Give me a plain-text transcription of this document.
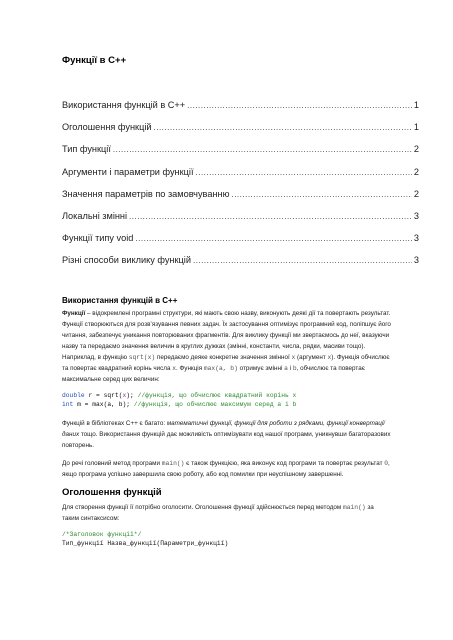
Функції в С++
Використання функцій в С++ .....	1
Оголошення функцій .....	1
Тип функції .....	2
Аргументи і параметри функції .....	2
Значення параметрів по замовчуванню .....	2
Локальні змінні .....	3
Функції типу void .....	3
Різні способи виклику функцій .....	3
Використання функцій в С++

Функції – відокремлені програмні структури, які мають свою назву, виконують деякі дії та повертають результат. Функції створюються для розв’язування певних задач. Їх застосування оптимізує програмний код, поліпшує його читання, забезпечує уникання повторюваних фрагментів. Для виклику функції ми звертаємось до неї, вказуючи назву та передаємо значення величин в круглих дужках (змінні, константи, числа, рядки, масиви тощо). Наприклад, в функцію sqrt(x) передаємо деяке конкретне значення змінної x (аргумент x). Функція обчислює та повертає квадратний корінь числа x. Функція max(a, b) отримує змінні a і b, обчислює та повертає максимальне серед цих величин:

double r = sqrt(x); //функція, що обчислює квадратний корінь х
int m = max(a, b); //функція, що обчислює максимум серед a і b

Функцій в бібліотеках С++ є багато: математичні функції, функції для роботи з рядками, функції конвертації даних тощо. Використання функцій дає можливість оптимізувати код нашої програми, уникнувши багаторазових повторень.

До речі головний метод програми main() є також функцією, яка виконує код програми та повертає результат 0, якщо програма успішно завершила свою роботу, або код помилки при неуспішному завершенні.

Оголошення функцій

Для створення функції її потрібно оголосити. Оголошення функції здійснюється перед методом main() за таким синтаксисом:

/*Заголовок функції*/
Тип_функції Назва_функції(Параметри_функції)
